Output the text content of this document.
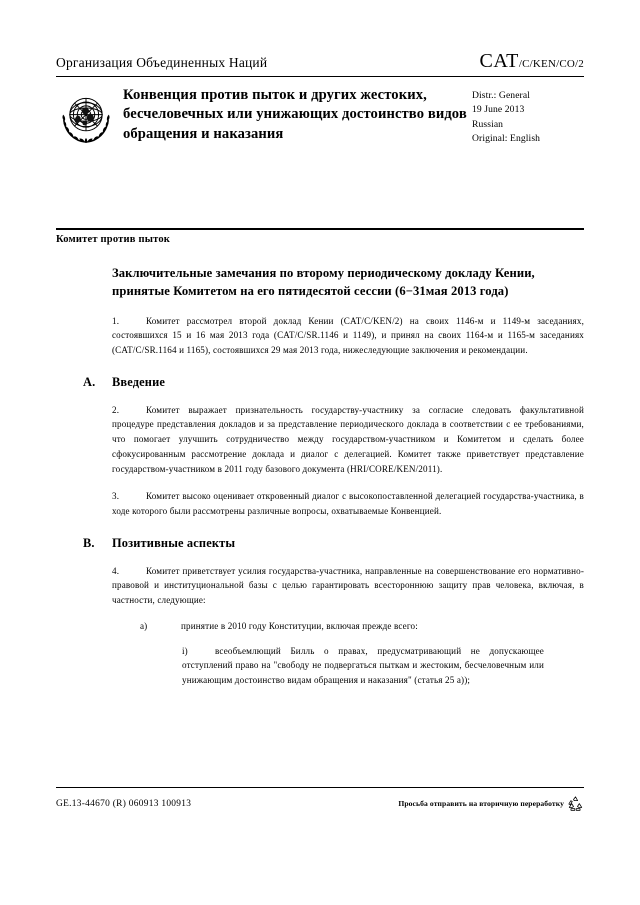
Организация Объединенных Наций	CAT/C/KEN/CO/2
Конвенция против пыток и других жестоких, бесчеловечных или унижающих достоинство видов обращения и наказания
Distr.: General
19 June 2013
Russian
Original: English
Комитет против пыток
Заключительные замечания по второму периодическому докладу Кении, принятые Комитетом на его пятидесятой сессии (6−31мая 2013 года)
1.	Комитет рассмотрел второй доклад Кении (CAT/C/KEN/2) на своих 1146-м и 1149-м заседаниях, состоявшихся 15 и 16 мая 2013 года (CAT/C/SR.1146 и 1149), и принял на своих 1164-м и 1165-м заседаниях (CAT/C/SR.1164 и 1165), состоявшихся 29 мая 2013 года, нижеследующие заключения и рекомендации.
A.	Введение
2.	Комитет выражает признательность государству-участнику за согласие следовать факультативной процедуре представления докладов и за представление периодического доклада в соответствии с ее требованиями, что помогает улучшить сотрудничество между государством-участником и Комитетом и сделать более сфокусированным рассмотрение доклада и диалог с делегацией. Комитет также приветствует представление государством-участником в 2011 году базового документа (HRI/CORE/KEN/2011).
3.	Комитет высоко оценивает откровенный диалог с высокопоставленной делегацией государства-участника, в ходе которого были рассмотрены различные вопросы, охватываемые Конвенцией.
B.	Позитивные аспекты
4.	Комитет приветствует усилия государства-участника, направленные на совершенствование его нормативно-правовой и институциональной базы с целью гарантировать всестороннюю защиту прав человека, включая, в частности, следующие:
a)	принятие в 2010 году Конституции, включая прежде всего:
i)	всеобъемлющий Билль о правах, предусматривающий не допускающее отступлений право на "свободу не подвергаться пыткам и жестоким, бесчеловечным или унижающим достоинство видам обращения и наказания" (статья 25 a));
GE.13-44670 (R) 060913 100913	Просьба отправить на вторичную переработку
